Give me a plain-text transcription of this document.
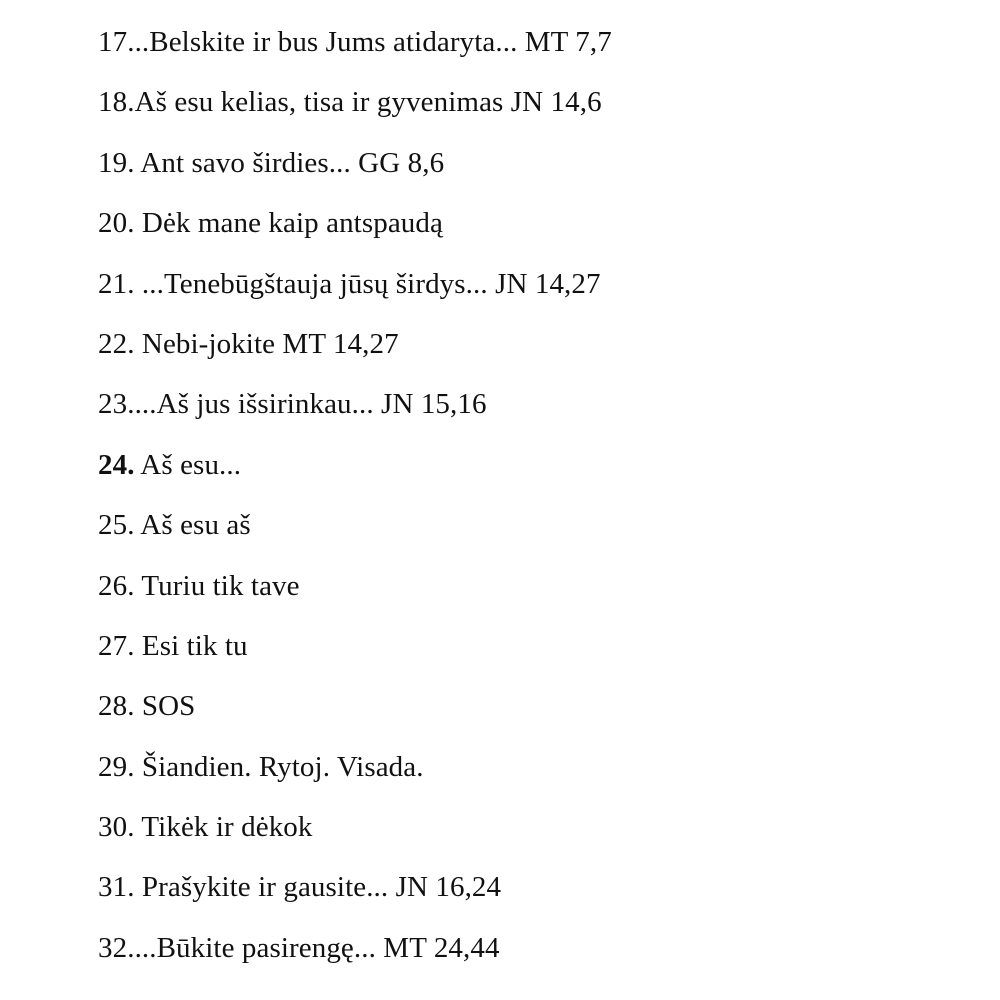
17...Belskite ir bus Jums atidaryta... MT 7,7
18.Aš esu kelias, tisa ir gyvenimas JN 14,6
19. Ant savo širdies... GG 8,6
20. Dėk mane kaip antspaudą
21. ...Tenebūgštauja jūsų širdys... JN 14,27
22. Nebi-jokite MT 14,27
23....Aš jus išsirinkau... JN 15,16
24. Aš esu...
25. Aš esu aš
26. Turiu tik tave
27. Esi tik tu
28. SOS
29. Šiandien. Rytoj. Visada.
30. Tikėk ir dėkok
31. Prašykite ir gausite... JN 16,24
32....Būkite pasirengę... MT 24,44
